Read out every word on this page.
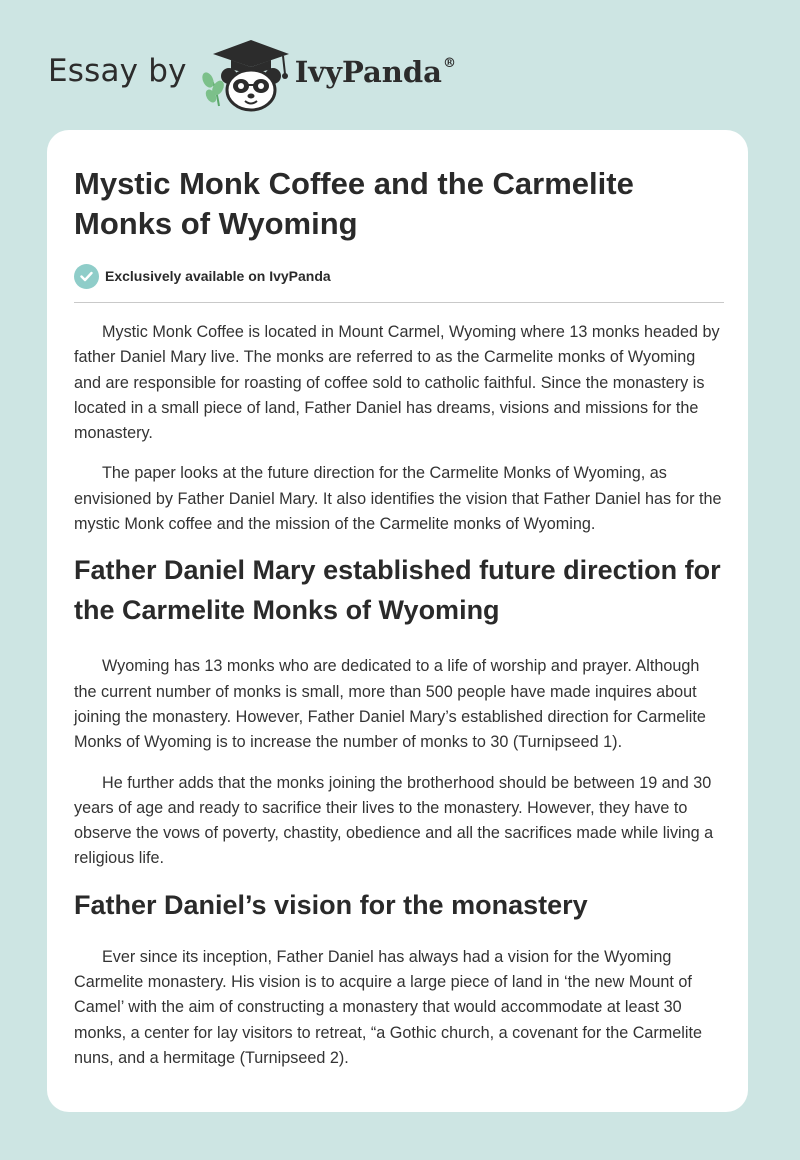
Essay by	IvyPanda®
Mystic Monk Coffee and the Carmelite Monks of Wyoming
Exclusively available on IvyPanda

Mystic Monk Coffee is located in Mount Carmel, Wyoming where 13 monks headed by father Daniel Mary live. The monks are referred to as the Carmelite monks of Wyoming and are responsible for roasting of coffee sold to catholic faithful. Since the monastery is located in a small piece of land, Father Daniel has dreams, visions and missions for the monastery.

The paper looks at the future direction for the Carmelite Monks of Wyoming, as envisioned by Father Daniel Mary. It also identifies the vision that Father Daniel has for the mystic Monk coffee and the mission of the Carmelite monks of Wyoming.

Father Daniel Mary established future direction for the Carmelite Monks of Wyoming

Wyoming has 13 monks who are dedicated to a life of worship and prayer. Although the current number of monks is small, more than 500 people have made inquires about joining the monastery. However, Father Daniel Mary’s established direction for Carmelite Monks of Wyoming is to increase the number of monks to 30 (Turnipseed 1).

He further adds that the monks joining the brotherhood should be between 19 and 30 years of age and ready to sacrifice their lives to the monastery. However, they have to observe the vows of poverty, chastity, obedience and all the sacrifices made while living a religious life.

Father Daniel’s vision for the monastery

Ever since its inception, Father Daniel has always had a vision for the Wyoming Carmelite monastery. His vision is to acquire a large piece of land in ‘the new Mount of Camel’ with the aim of constructing a monastery that would accommodate at least 30 monks, a center for lay visitors to retreat, “a Gothic church, a covenant for the Carmelite nuns, and a hermitage (Turnipseed 2).
